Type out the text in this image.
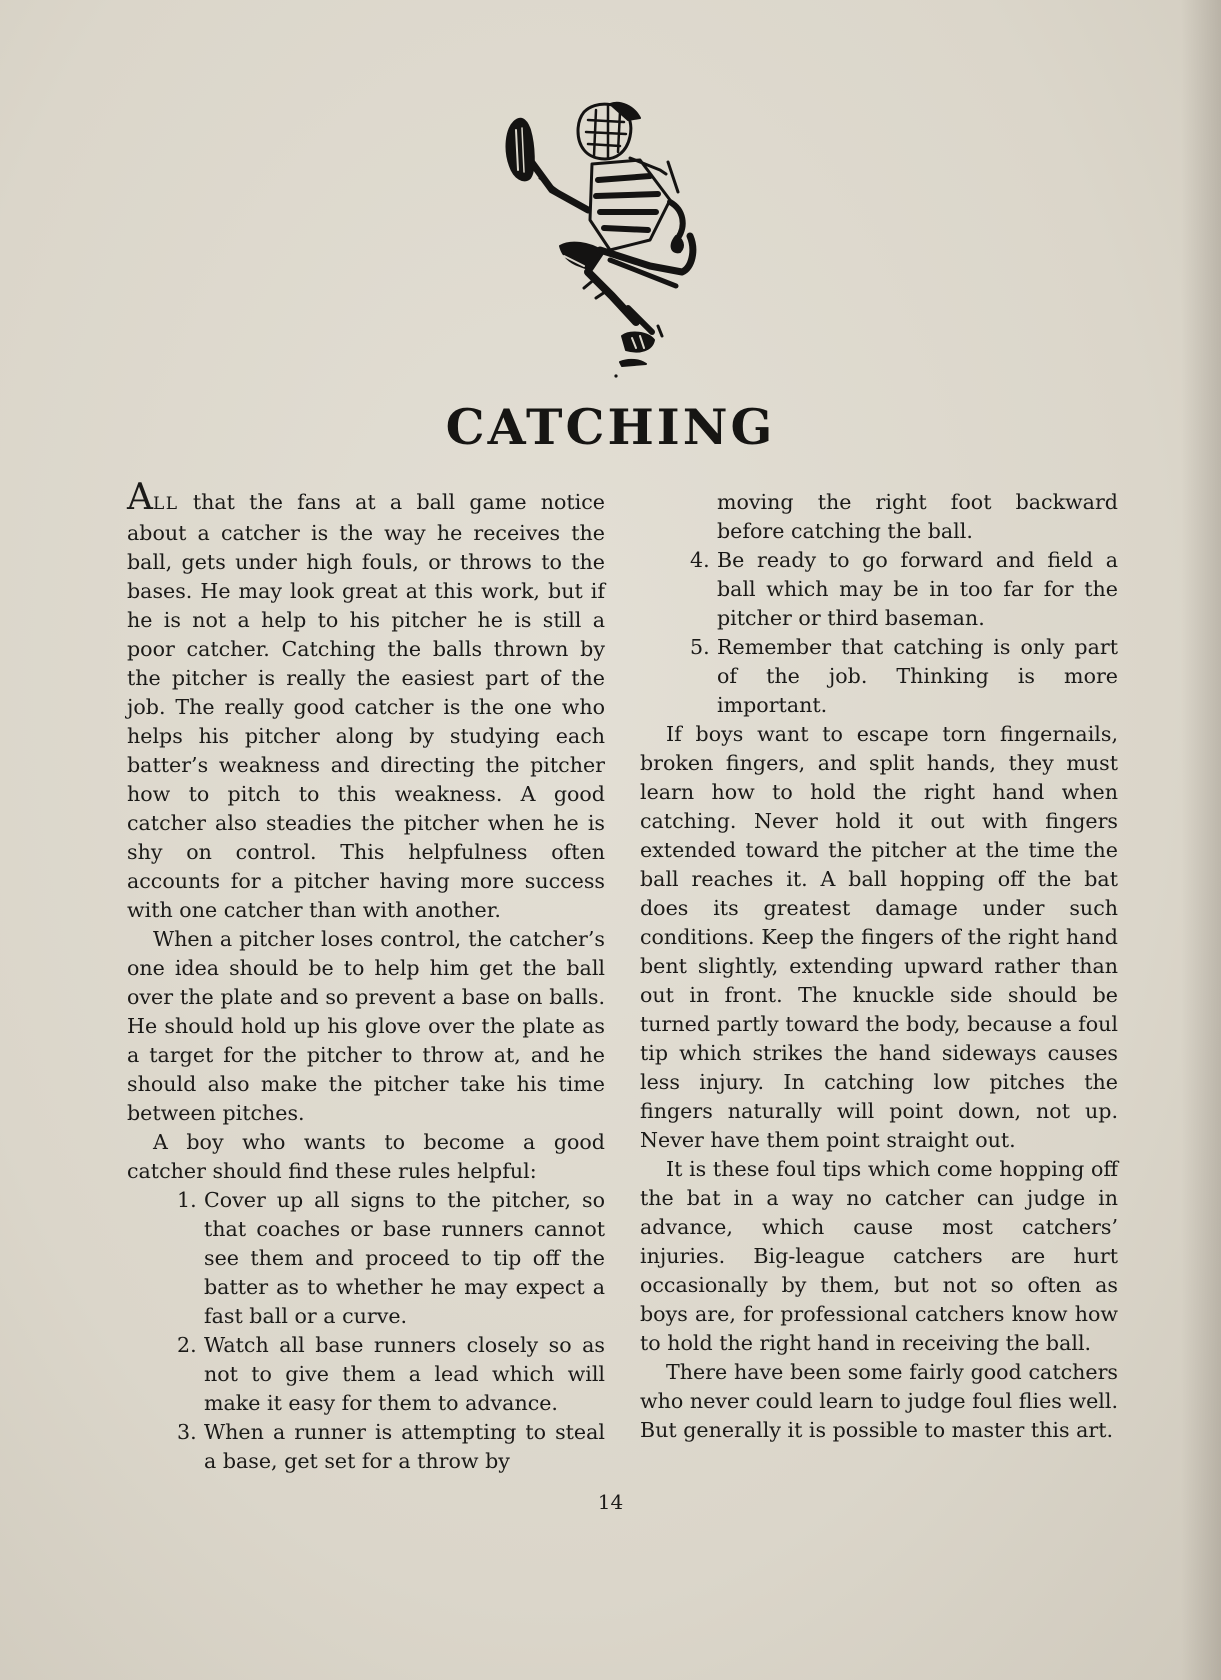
CATCHING

ALL that the fans at a ball game notice about a catcher is the way he receives the ball, gets under high fouls, or throws to the bases. He may look great at this work, but if he is not a help to his pitcher he is still a poor catcher. Catching the balls thrown by the pitcher is really the easiest part of the job. The really good catcher is the one who helps his pitcher along by studying each batter’s weakness and directing the pitcher how to pitch to this weakness. A good catcher also steadies the pitcher when he is shy on control. This helpfulness often accounts for a pitcher having more success with one catcher than with another.

When a pitcher loses control, the catcher’s one idea should be to help him get the ball over the plate and so prevent a base on balls. He should hold up his glove over the plate as a target for the pitcher to throw at, and he should also make the pitcher take his time between pitches.

A boy who wants to become a good catcher should find these rules helpful:

1. Cover up all signs to the pitcher, so that coaches or base runners cannot see them and proceed to tip off the batter as to whether he may expect a fast ball or a curve.
2. Watch all base runners closely so as not to give them a lead which will make it easy for them to advance.
3. When a runner is attempting to steal a base, get set for a throw by

moving the right foot backward before catching the ball.

4. Be ready to go forward and field a ball which may be in too far for the pitcher or third baseman.
5. Remember that catching is only part of the job. Thinking is more important.

If boys want to escape torn fingernails, broken fingers, and split hands, they must learn how to hold the right hand when catching. Never hold it out with fingers extended toward the pitcher at the time the ball reaches it. A ball hopping off the bat does its greatest damage under such conditions. Keep the fingers of the right hand bent slightly, extending upward rather than out in front. The knuckle side should be turned partly toward the body, because a foul tip which strikes the hand sideways causes less injury. In catching low pitches the fingers naturally will point down, not up. Never have them point straight out.

It is these foul tips which come hopping off the bat in a way no catcher can judge in advance, which cause most catchers’ injuries. Big-league catchers are hurt occasionally by them, but not so often as boys are, for professional catchers know how to hold the right hand in receiving the ball.

There have been some fairly good catchers who never could learn to judge foul flies well. But generally it is possible to master this art.

14
